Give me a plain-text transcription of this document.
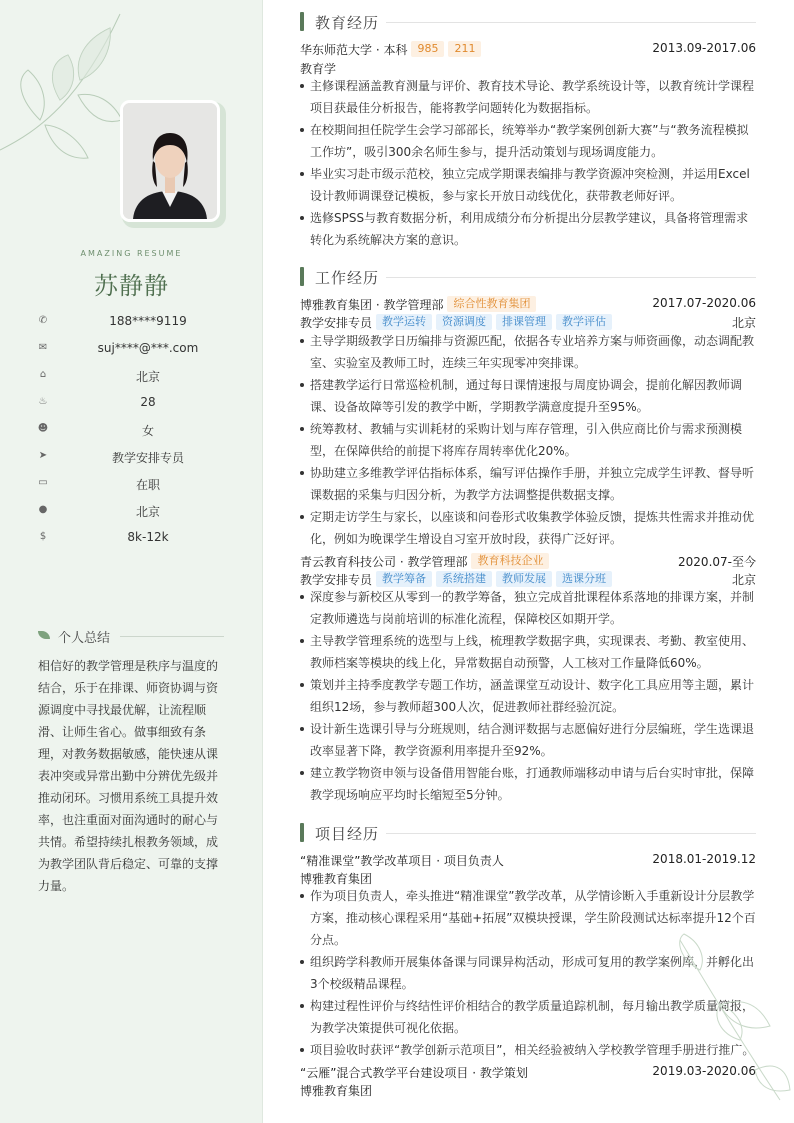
AMAZING RESUME
苏静静
✆	188****9119
✉	suj****@***.com
⌂	北京
♨	28
☻	女
➤	教学安排专员
▭	在职
●	北京
$	8k-12k
个人总结
相信好的教学管理是秩序与温度的结合，乐于在排课、师资协调与资源调度中寻找最优解，让流程顺滑、让师生省心。做事细致有条理，对教务数据敏感，能快速从课表冲突或异常出勤中分辨优先级并推动闭环。习惯用系统工具提升效率，也注重面对面沟通时的耐心与共情。希望持续扎根教务领域，成为教学团队背后稳定、可靠的支撑力量。
教育经历
华东师范大学 · 本科 985 211	2013.09-2017.06
教育学
主修课程涵盖教育测量与评价、教育技术导论、教学系统设计等，以教育统计学课程项目获最佳分析报告，能将教学问题转化为数据指标。
在校期间担任院学生会学习部部长，统筹举办“教学案例创新大赛”与“教务流程模拟工作坊”，吸引300余名师生参与，提升活动策划与现场调度能力。
毕业实习赴市级示范校，独立完成学期课表编排与教学资源冲突检测，并运用Excel设计教师调课登记模板，参与家长开放日动线优化，获带教老师好评。
选修SPSS与教育数据分析，利用成绩分布分析提出分层教学建议，具备将管理需求转化为系统解决方案的意识。
工作经历
博雅教育集团 · 教学管理部 综合性教育集团	2017.07-2020.06
教学安排专员 教学运转 资源调度 排课管理 教学评估	北京
主导学期级教学日历编排与资源匹配，依据各专业培养方案与师资画像，动态调配教室、实验室及教师工时，连续三年实现零冲突排课。
搭建教学运行日常巡检机制，通过每日课情速报与周度协调会，提前化解因教师调课、设备故障等引发的教学中断，学期教学满意度提升至95%。
统筹教材、教辅与实训耗材的采购计划与库存管理，引入供应商比价与需求预测模型，在保障供给的前提下将库存周转率优化20%。
协助建立多维教学评估指标体系，编写评估操作手册，并独立完成学生评教、督导听课数据的采集与归因分析，为教学方法调整提供数据支撑。
定期走访学生与家长，以座谈和问卷形式收集教学体验反馈，提炼共性需求并推动优化，例如为晚课学生增设自习室开放时段，获得广泛好评。
青云教育科技公司 · 教学管理部 教育科技企业	2020.07-至今
教学安排专员 教学筹备 系统搭建 教师发展 选课分班	北京
深度参与新校区从零到一的教学筹备，独立完成首批课程体系落地的排课方案，并制定教师遴选与岗前培训的标准化流程，保障校区如期开学。
主导教学管理系统的选型与上线，梳理教学数据字典，实现课表、考勤、教室使用、教师档案等模块的线上化，异常数据自动预警，人工核对工作量降低60%。
策划并主持季度教学专题工作坊，涵盖课堂互动设计、数字化工具应用等主题，累计组织12场，参与教师超300人次，促进教师社群经验沉淀。
设计新生选课引导与分班规则，结合测评数据与志愿偏好进行分层编班，学生选课退改率显著下降，教学资源利用率提升至92%。
建立教学物资申领与设备借用智能台账，打通教师端移动申请与后台实时审批，保障教学现场响应平均时长缩短至5分钟。
项目经历
“精准课堂”教学改革项目 · 项目负责人	2018.01-2019.12
博雅教育集团
作为项目负责人，牵头推进“精准课堂”教学改革，从学情诊断入手重新设计分层教学方案，推动核心课程采用“基础+拓展”双模块授课，学生阶段测试达标率提升12个百分点。
组织跨学科教师开展集体备课与同课异构活动，形成可复用的教学案例库，并孵化出3个校级精品课程。
构建过程性评价与终结性评价相结合的教学质量追踪机制，每月输出教学质量简报，为教学决策提供可视化依据。
项目验收时获评“教学创新示范项目”，相关经验被纳入学校教学管理手册进行推广。
“云雁”混合式教学平台建设项目 · 教学策划	2019.03-2020.06
博雅教育集团
